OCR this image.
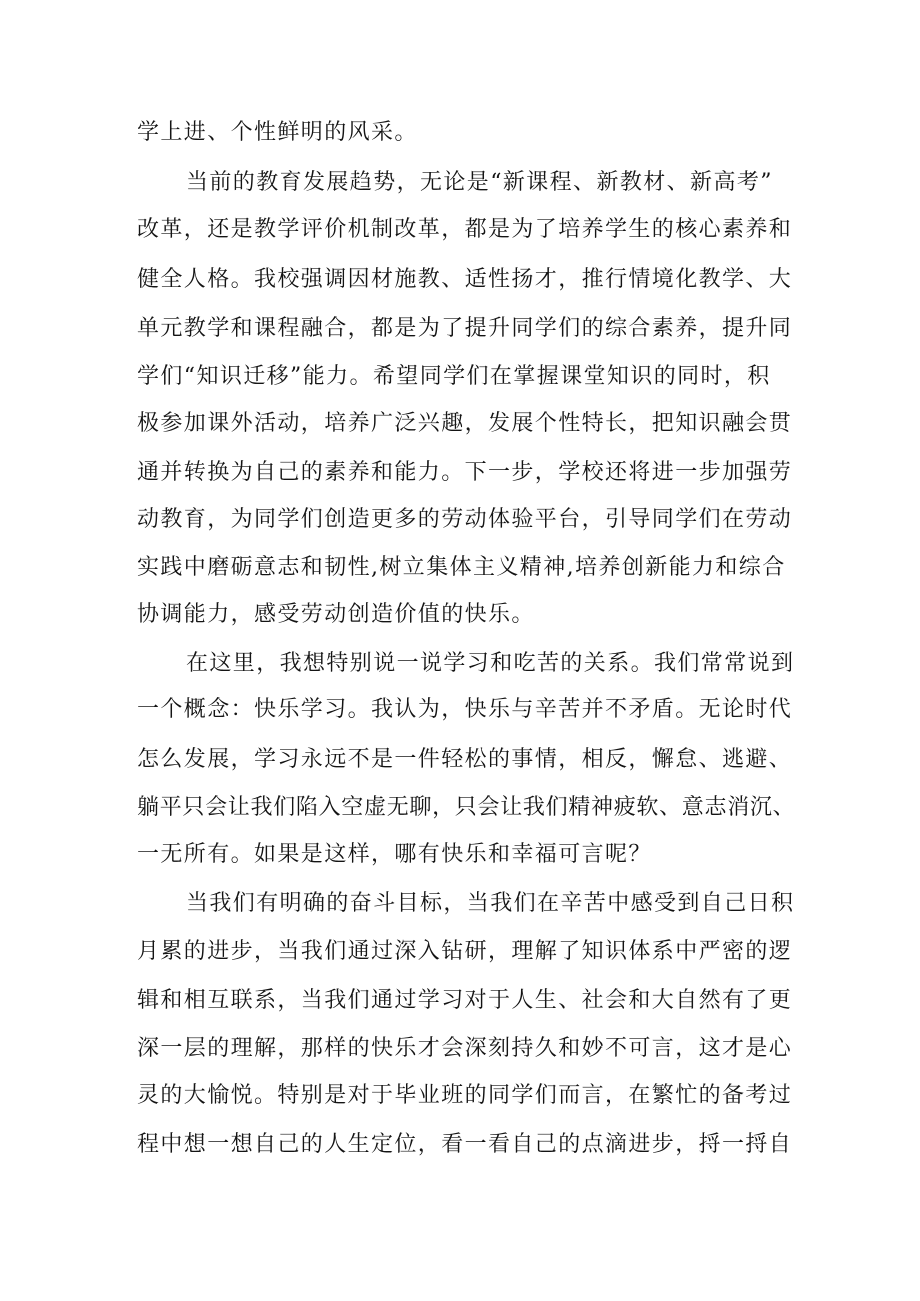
学上进、个性鲜明的风采。
当前的教育发展趋势，无论是“新课程、新教材、新高考”
改革，还是教学评价机制改革，都是为了培养学生的核心素养和
健全人格。我校强调因材施教、适性扬才，推行情境化教学、大
单元教学和课程融合，都是为了提升同学们的综合素养，提升同
学们“知识迁移”能力。希望同学们在掌握课堂知识的同时，积
极参加课外活动，培养广泛兴趣，发展个性特长，把知识融会贯
通并转换为自己的素养和能力。下一步，学校还将进一步加强劳
动教育，为同学们创造更多的劳动体验平台，引导同学们在劳动
实践中磨砺意志和韧性,树立集体主义精神,培养创新能力和综合
协调能力，感受劳动创造价值的快乐。
在这里，我想特别说一说学习和吃苦的关系。我们常常说到
一个概念：快乐学习。我认为，快乐与辛苦并不矛盾。无论时代
怎么发展，学习永远不是一件轻松的事情，相反，懈怠、逃避、
躺平只会让我们陷入空虚无聊，只会让我们精神疲软、意志消沉、
一无所有。如果是这样，哪有快乐和幸福可言呢？
当我们有明确的奋斗目标，当我们在辛苦中感受到自己日积
月累的进步，当我们通过深入钻研，理解了知识体系中严密的逻
辑和相互联系，当我们通过学习对于人生、社会和大自然有了更
深一层的理解，那样的快乐才会深刻持久和妙不可言，这才是心
灵的大愉悦。特别是对于毕业班的同学们而言，在繁忙的备考过
程中想一想自己的人生定位，看一看自己的点滴进步，捋一捋自
